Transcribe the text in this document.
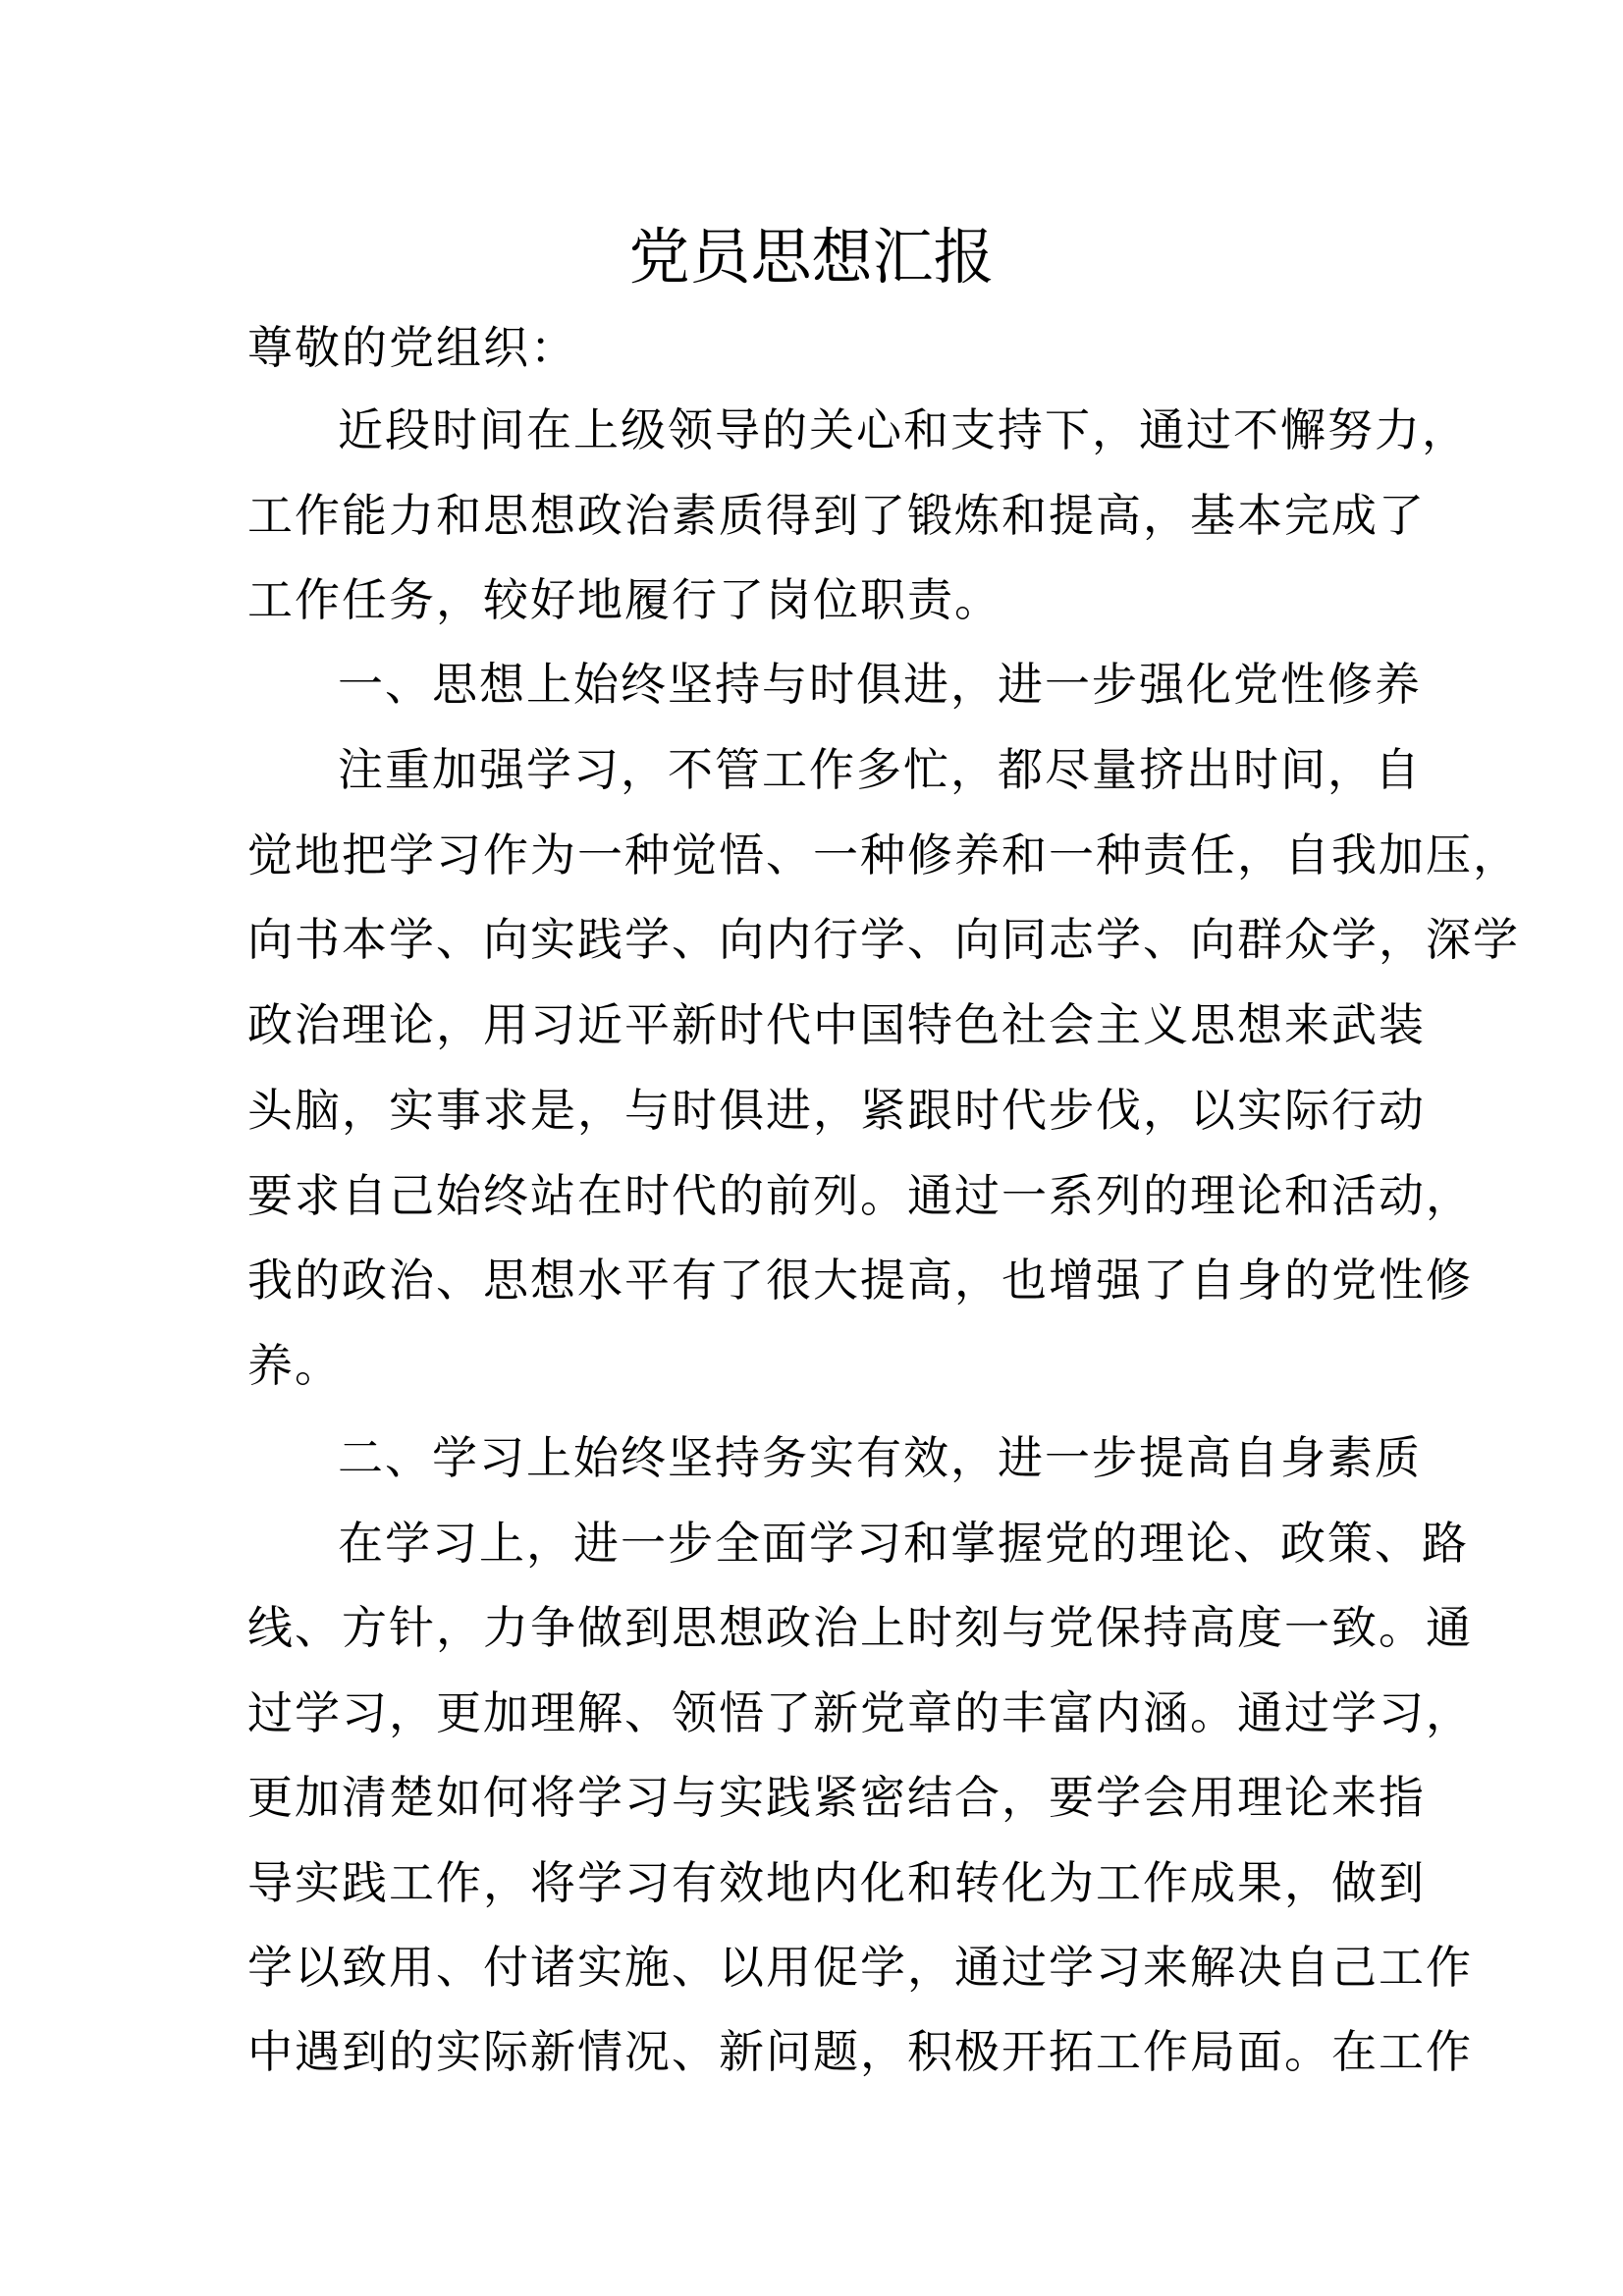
党员思想汇报
尊敬的党组织：
近段时间在上级领导的关心和支持下，通过不懈努力，
工作能力和思想政治素质得到了锻炼和提高，基本完成了
工作任务，较好地履行了岗位职责。
一、思想上始终坚持与时俱进，进一步强化党性修养
注重加强学习，不管工作多忙，都尽量挤出时间，自
觉地把学习作为一种觉悟、一种修养和一种责任，自我加压，
向书本学、向实践学、向内行学、向同志学、向群众学，深学
政治理论，用习近平新时代中国特色社会主义思想来武装
头脑，实事求是，与时俱进，紧跟时代步伐，以实际行动
要求自己始终站在时代的前列。通过一系列的理论和活动，
我的政治、思想水平有了很大提高，也增强了自身的党性修
养。
二、学习上始终坚持务实有效，进一步提高自身素质
在学习上，进一步全面学习和掌握党的理论、政策、路
线、方针，力争做到思想政治上时刻与党保持高度一致。通
过学习，更加理解、领悟了新党章的丰富内涵。通过学习，
更加清楚如何将学习与实践紧密结合，要学会用理论来指
导实践工作，将学习有效地内化和转化为工作成果，做到
学以致用、付诸实施、以用促学，通过学习来解决自己工作
中遇到的实际新情况、新问题，积极开拓工作局面。在工作
